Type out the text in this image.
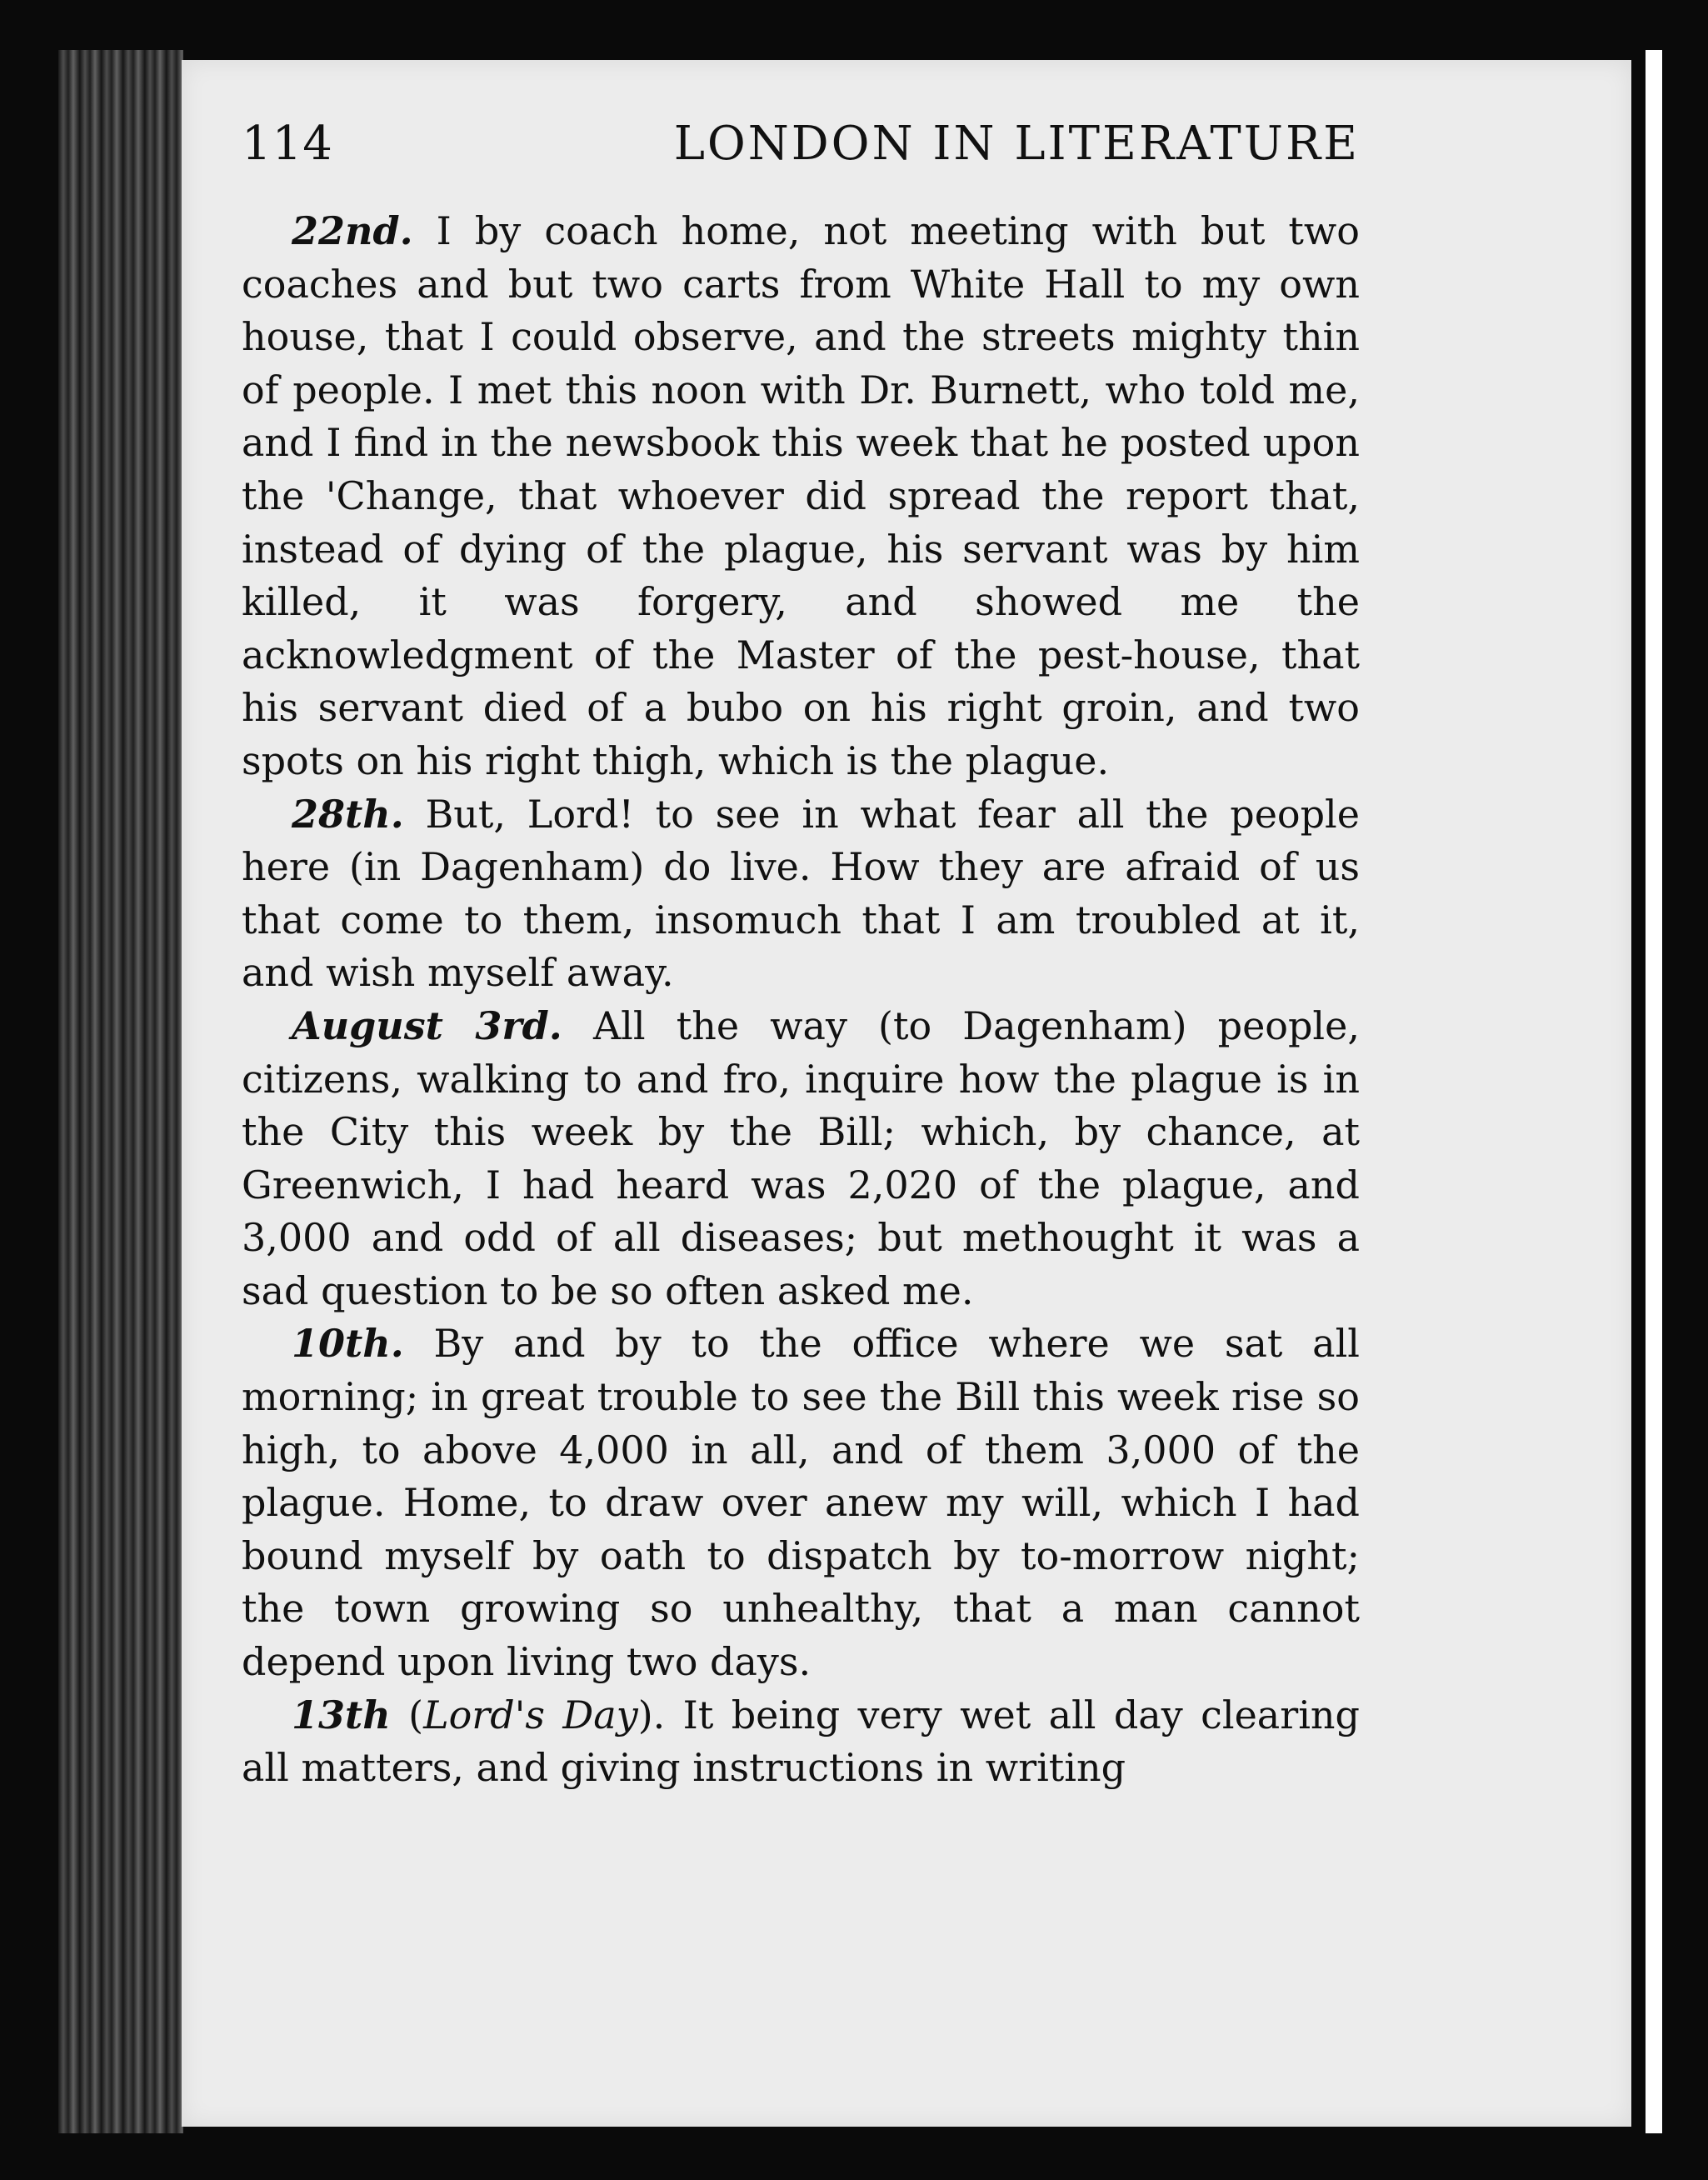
114	LONDON IN LITERATURE

22nd. I by coach home, not meeting with but two coaches and but two carts from White Hall to my own house, that I could observe, and the streets mighty thin of people. I met this noon with Dr. Burnett, who told me, and I find in the newsbook this week that he posted upon the 'Change, that whoever did spread the report that, instead of dying of the plague, his servant was by him killed, it was forgery, and showed me the acknowledgment of the Master of the pest-house, that his servant died of a bubo on his right groin, and two spots on his right thigh, which is the plague.

28th. But, Lord! to see in what fear all the people here (in Dagenham) do live. How they are afraid of us that come to them, insomuch that I am troubled at it, and wish myself away.

August 3rd. All the way (to Dagenham) people, citizens, walking to and fro, inquire how the plague is in the City this week by the Bill; which, by chance, at Greenwich, I had heard was 2,020 of the plague, and 3,000 and odd of all diseases; but methought it was a sad question to be so often asked me.

10th. By and by to the office where we sat all morning; in great trouble to see the Bill this week rise so high, to above 4,000 in all, and of them 3,000 of the plague. Home, to draw over anew my will, which I had bound myself by oath to dispatch by to-morrow night; the town growing so unhealthy, that a man cannot depend upon living two days.

13th (Lord's Day). It being very wet all day clearing all matters, and giving instructions in writing
